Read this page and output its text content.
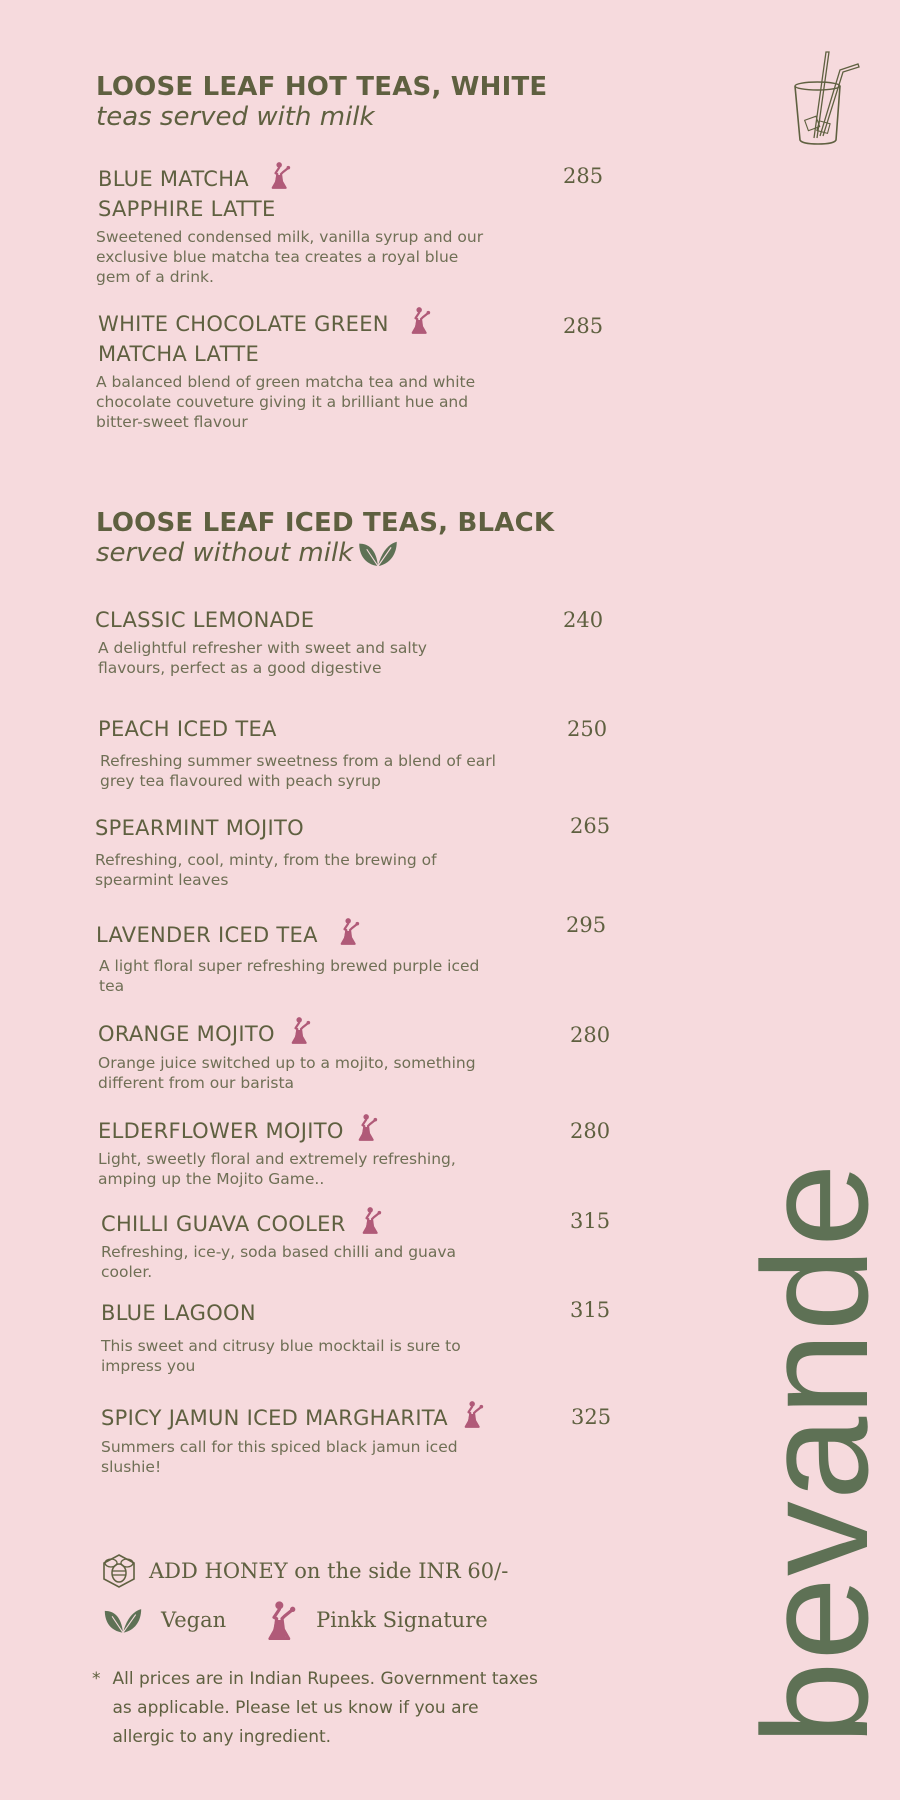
LOOSE LEAF HOT TEAS, WHITE
teas served with milk
BLUE MATCHA
SAPPHIRE LATTE
Sweetened condensed milk, vanilla syrup and our exclusive blue matcha tea creates a royal blue gem of a drink.
285
WHITE CHOCOLATE GREEN
MATCHA LATTE
A balanced blend of green matcha tea and white chocolate couveture giving it a brilliant hue and bitter-sweet flavour
285
LOOSE LEAF ICED TEAS, BLACK
served without milk
CLASSIC LEMONADE
A delightful refresher with sweet and salty flavours, perfect as a good digestive
240
PEACH ICED TEA
Refreshing summer sweetness from a blend of earl grey tea flavoured with peach syrup
250
SPEARMINT MOJITO
Refreshing, cool, minty, from the brewing of spearmint leaves
265
LAVENDER ICED TEA
A light floral super refreshing brewed purple iced tea
295
ORANGE MOJITO
Orange juice switched up to a mojito, something different from our barista
280
ELDERFLOWER MOJITO
Light, sweetly floral and extremely refreshing, amping up the Mojito Game..
280
CHILLI GUAVA COOLER
Refreshing, ice-y, soda based chilli and guava cooler.
315
BLUE LAGOON
This sweet and citrusy blue mocktail is sure to impress you
315
SPICY JAMUN ICED MARGHARITA
Summers call for this spiced black jamun iced slushie!
325
ADD HONEY on the side INR 60/-
Vegan	Pinkk Signature
* All prices are in Indian Rupees. Government taxes as applicable. Please let us know if you are allergic to any ingredient.	bevande
